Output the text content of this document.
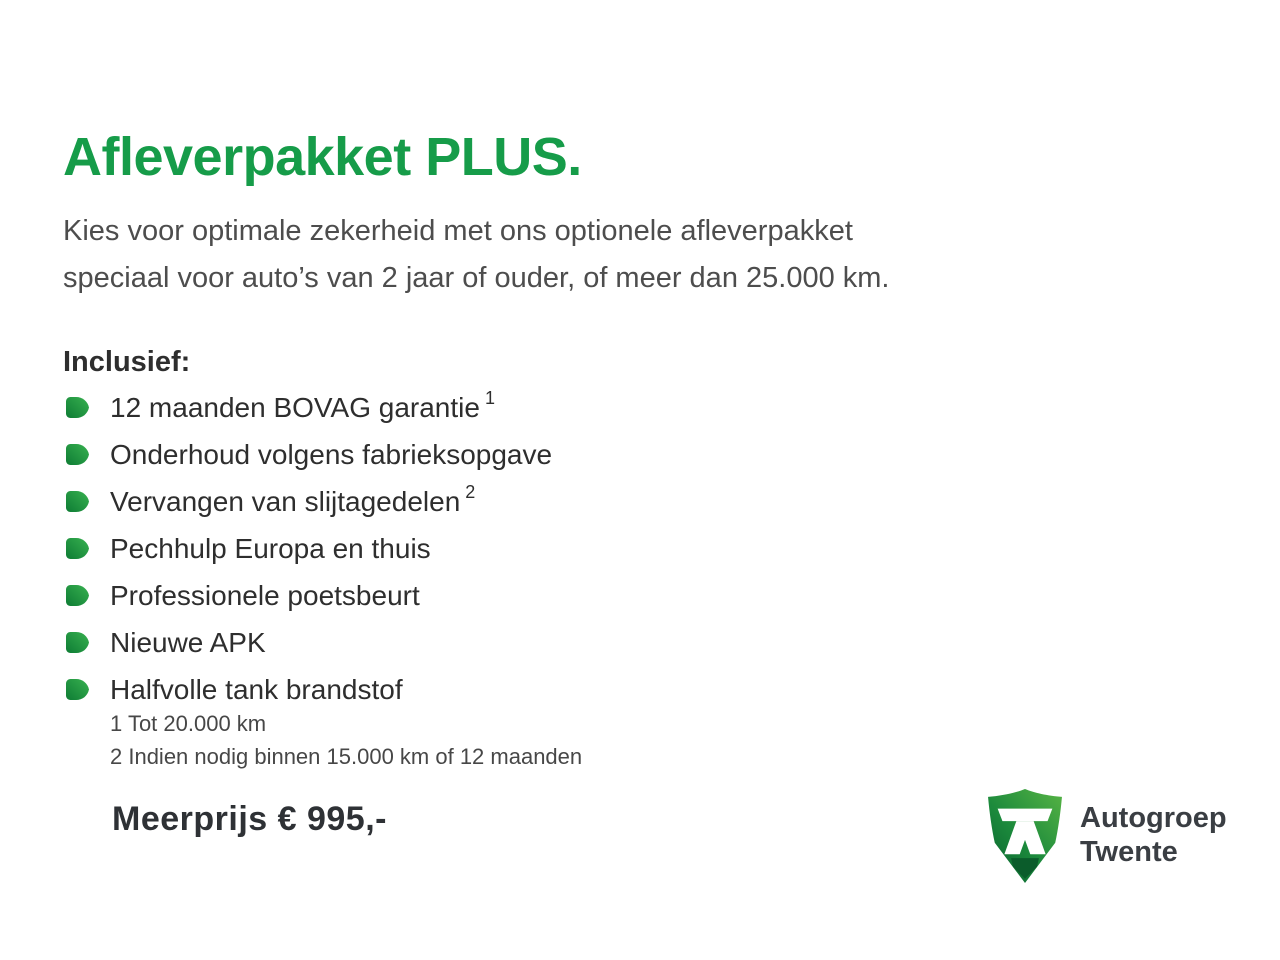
Afleverpakket PLUS.
Kies voor optimale zekerheid met ons optionele afleverpakket
speciaal voor auto’s van 2 jaar of ouder, of meer dan 25.000 km.
Inclusief:
12 maanden BOVAG garantie 1
Onderhoud volgens fabrieksopgave
Vervangen van slijtagedelen 2
Pechhulp Europa en thuis
Professionele poetsbeurt
Nieuwe APK
Halfvolle tank brandstof
1 Tot 20.000 km
2 Indien nodig binnen 15.000 km of 12 maanden
Meerprijs € 995,-	Autogroep
Twente
